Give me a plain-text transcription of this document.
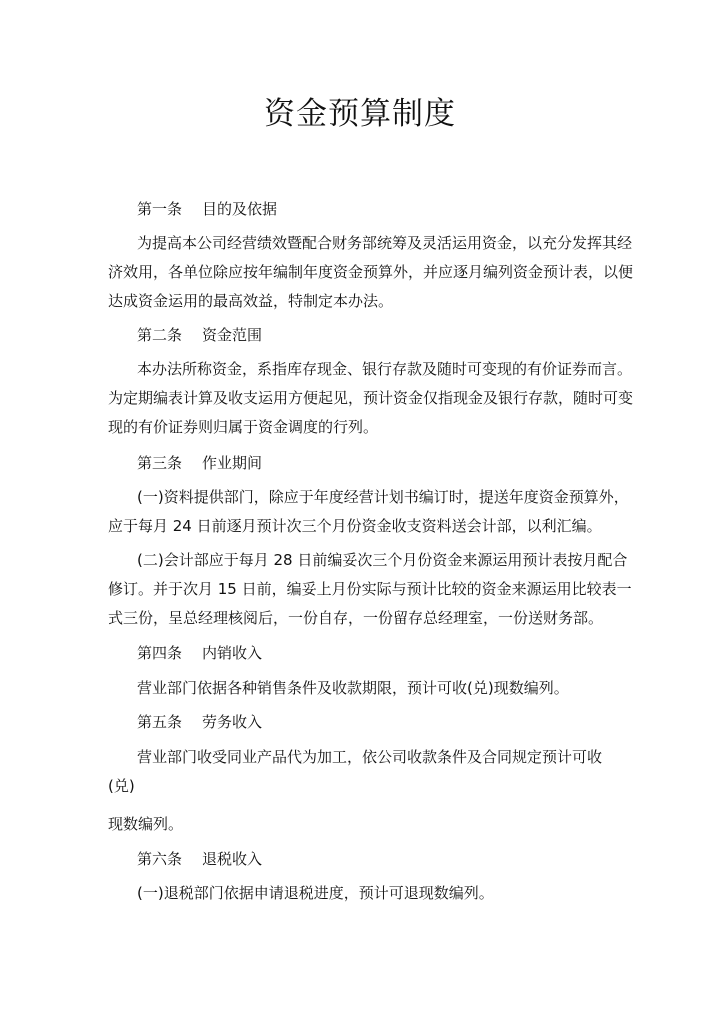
资金预算制度
第一条 目的及依据

为提高本公司经营绩效暨配合财务部统筹及灵活运用资金，以充分发挥其经

济效用，各单位除应按年编制年度资金预算外，并应逐月编列资金预计表，以便

达成资金运用的最高效益，特制定本办法。

第二条 资金范围

本办法所称资金，系指库存现金、银行存款及随时可变现的有价证券而言。

为定期编表计算及收支运用方便起见，预计资金仅指现金及银行存款，随时可变

现的有价证券则归属于资金调度的行列。

第三条 作业期间

(一)资料提供部门，除应于年度经营计划书编订时，提送年度资金预算外，

应于每月 24 日前逐月预计次三个月份资金收支资料送会计部，以利汇编。

(二)会计部应于每月 28 日前编妥次三个月份资金来源运用预计表按月配合

修订。并于次月 15 日前，编妥上月份实际与预计比较的资金来源运用比较表一

式三份，呈总经理核阅后，一份自存，一份留存总经理室，一份送财务部。

第四条 内销收入

营业部门依据各种销售条件及收款期限，预计可收(兑)现数编列。

第五条 劳务收入

营业部门收受同业产品代为加工，依公司收款条件及合同规定预计可收

(兑)

现数编列。

第六条 退税收入

(一)退税部门依据申请退税进度，预计可退现数编列。
